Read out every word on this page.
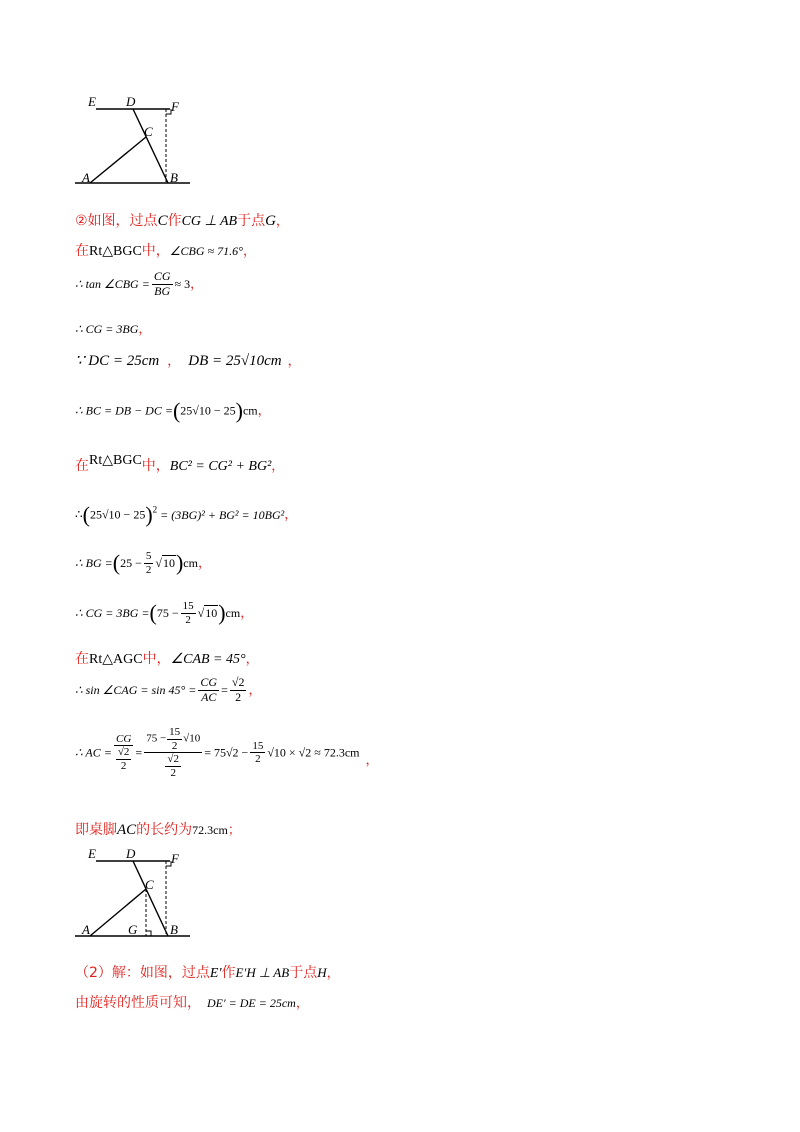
E D	F
C
A	B
②如图，过点C作CG ⊥ AB于点G，
在Rt△BGC中，∠CBG ≈ 71.6°，
∴ tan ∠CBG = $\frac{CG}{BG} \approx 3$，
∴ CG = 3BG，
∵ DC = 25cm ， DB = 25√10cm ，
∴ BC = DB − DC =(25√10 − 25)cm，
在Rt△BGC中，BC² = CG² + BG²，
∴(25√10 − 25)$^2$ = (3BG)² + BG² = 10BG²，
∴ BG $=(25 - \frac{5}{2} √10)cm$，
∴ CG = $3BG =(75 - \frac{15}{2} √10)cm$，
在Rt△AGC中，∠CAB = 45°，
∴ sin ∠CAG = $\sin 45^\circ = \frac{CG}{AC} = \frac{√2}{2}$ ，
∴ AC = $\frac{CG}{\frac{√2}{2}} = \frac{75 - \frac{15}{2} √10}{\frac{√2}{2}} = 75√2 - \frac{15}{2} √10 \times √2 \approx 72.3cm_,$
即桌脚AC的长约为72.3cm；
E D	F
C
A	G	B
（2）解：如图，过点E′作E′H ⊥ AB于点H，
由旋转的性质可知， DE′ = DE = 25cm，
